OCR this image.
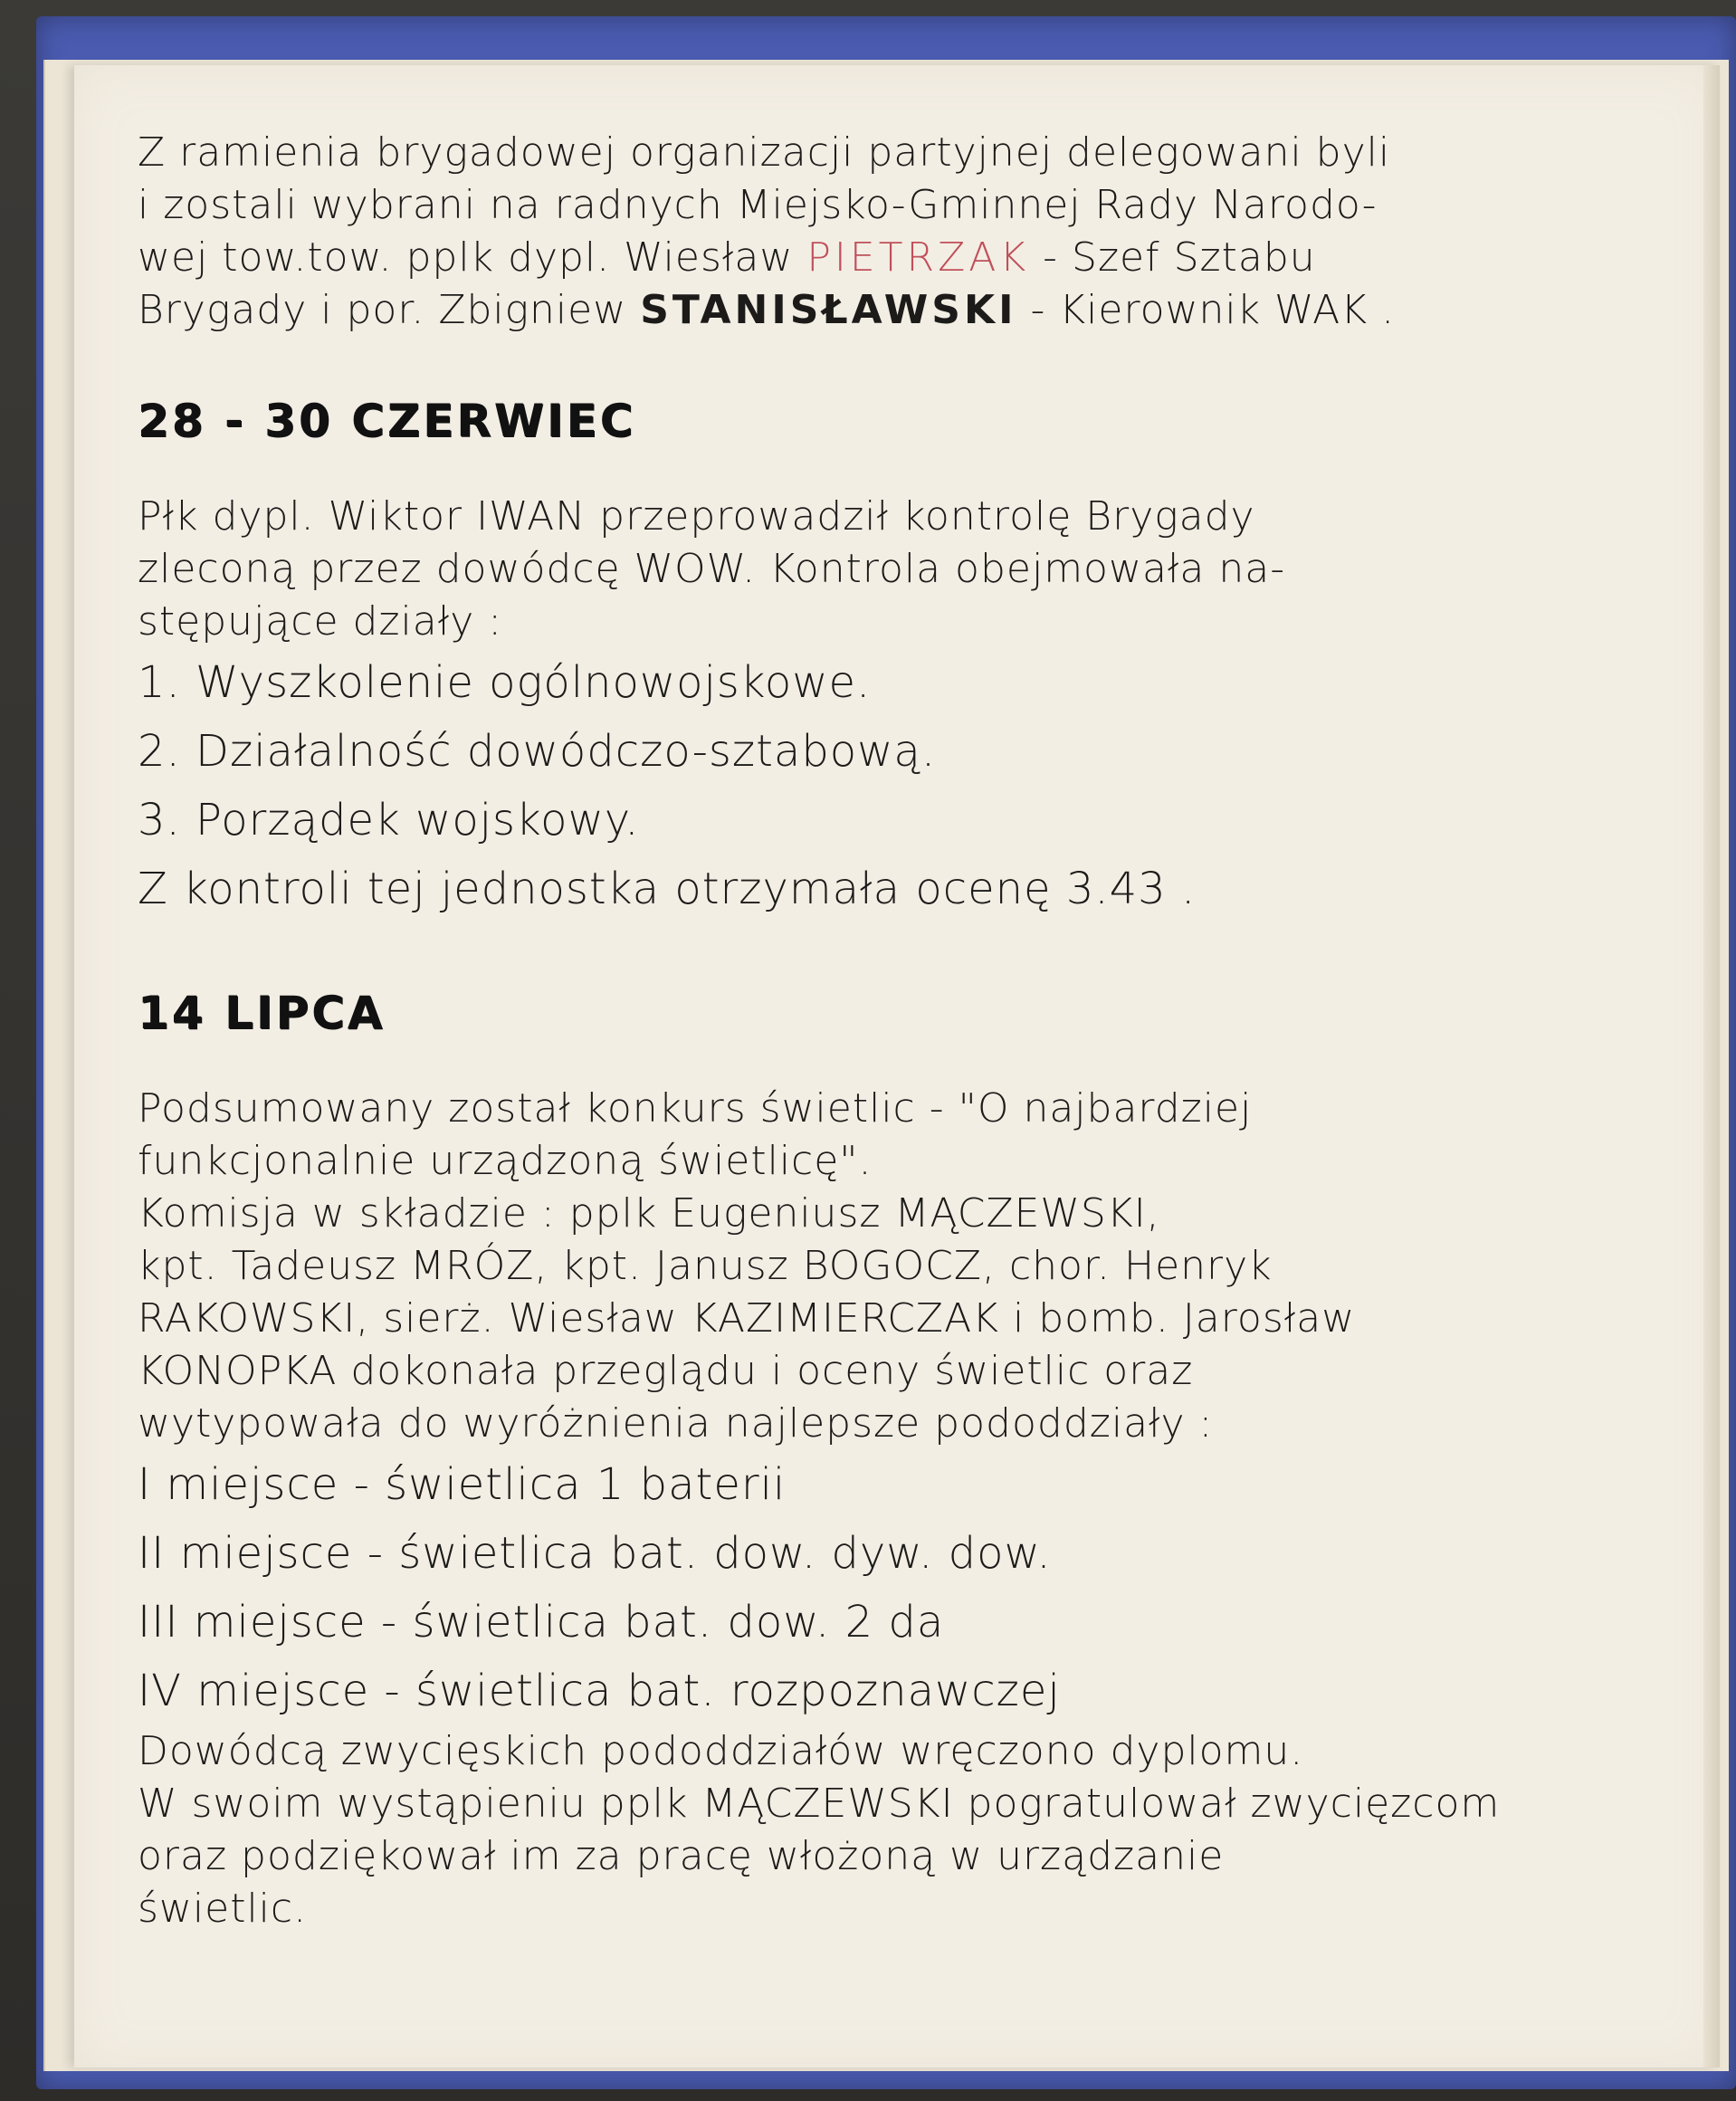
Z ramienia brygadowej organizacji partyjnej delegowani byli

i zostali wybrani na radnych Miejsko-Gminnej Rady Narodo-

wej tow.tow. pplk dypl. Wiesław PIETRZAK - Szef Sztabu

Brygady i por. Zbigniew STANISŁAWSKI - Kierownik WAK .

28 - 30 CZERWIEC

Płk dypl. Wiktor IWAN przeprowadził kontrolę Brygady

zleconą przez dowódcę WOW. Kontrola obejmowała na-

stępujące działy :

1. Wyszkolenie ogólnowojskowe.

2. Działalność dowódczo-sztabową.

3. Porządek wojskowy.

Z kontroli tej jednostka otrzymała ocenę 3.43 .

14 LIPCA

Podsumowany został konkurs świetlic - "O najbardziej

funkcjonalnie urządzoną świetlicę".

Komisja w składzie : pplk Eugeniusz MĄCZEWSKI,

kpt. Tadeusz MRÓZ, kpt. Janusz BOGOCZ, chor. Henryk

RAKOWSKI, sierż. Wiesław KAZIMIERCZAK i bomb. Jarosław

KONOPKA dokonała przeglądu i oceny świetlic oraz

wytypowała do wyróżnienia najlepsze pododdziały :

I miejsce - świetlica 1 baterii

II miejsce - świetlica bat. dow. dyw. dow.

III miejsce - świetlica bat. dow. 2 da

IV miejsce - świetlica bat. rozpoznawczej

Dowódcą zwycięskich pododdziałów wręczono dyplomu.

W swoim wystąpieniu pplk MĄCZEWSKI pogratulował zwycięzcom

oraz podziękował im za pracę włożoną w urządzanie

świetlic.
